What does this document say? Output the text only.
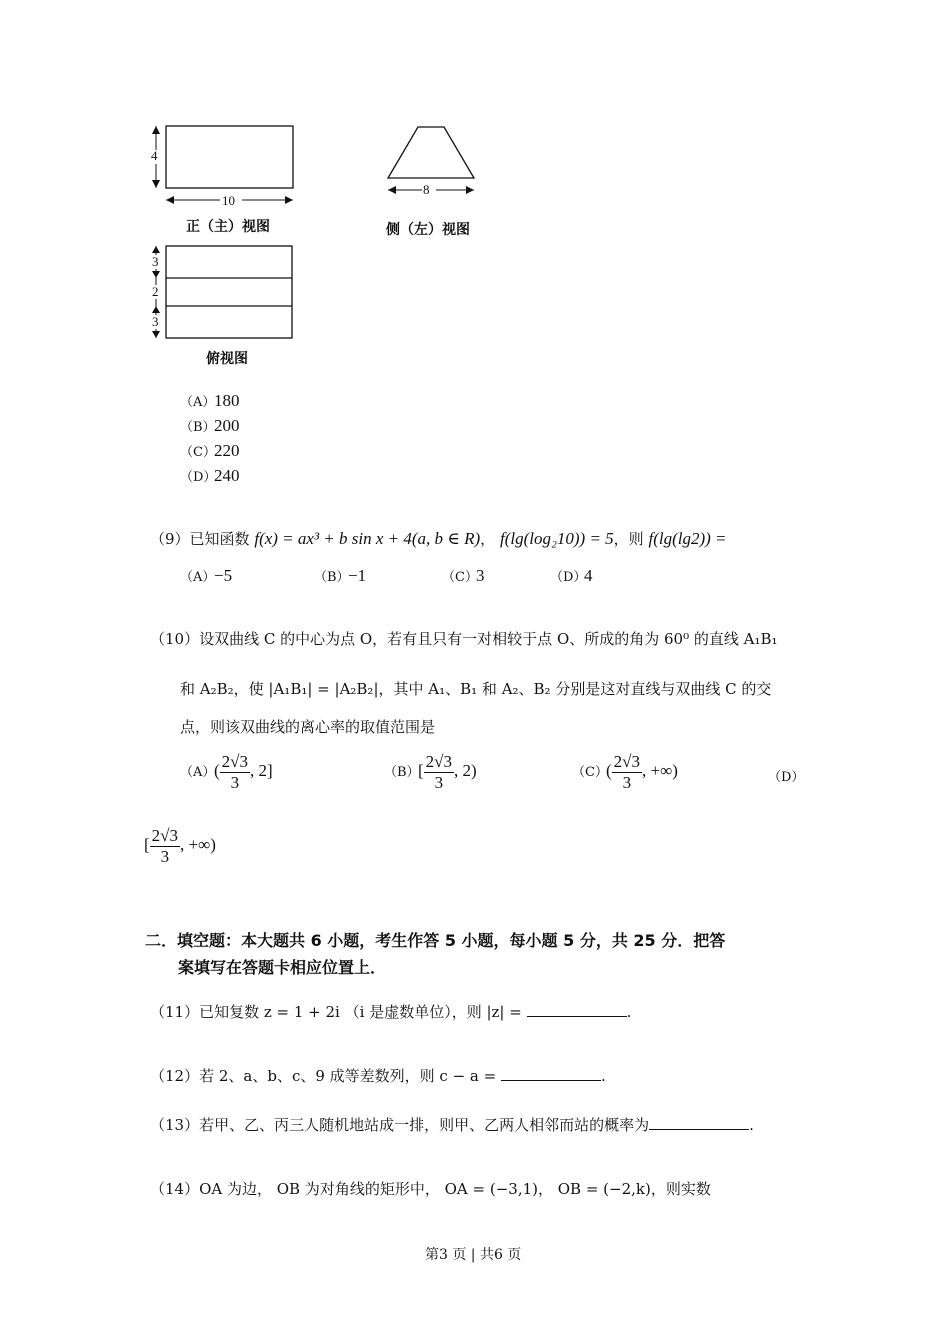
4
10
正（主）视图
8
侧（左）视图
3
2
3
俯视图
（A）180
（B）200
（C）220
（D）240
（9）已知函数 f(x) = ax³ + b sin x + 4(a, b ∈ R)， f(lg(log₂10)) = 5，则 f(lg(lg2)) =
（A）−5	（B）−1	（C）3	（D）4
（10）设双曲线 C 的中心为点 O，若有且只有一对相较于点 O、所成的角为 60⁰ 的直线 A₁B₁
和 A₂B₂，使 |A₁B₁| = |A₂B₂|，其中 A₁、B₁ 和 A₂、B₂ 分别是这对直线与双曲线 C 的交
点，则该双曲线的离心率的取值范围是
$(A)( \frac{2√3}{3}$ , 2]	$(B)[ \frac{2√3}{3}$ , 2)	$(C)( \frac{2√3}{3}$ , +∞)	（D）
[ $\frac{2√3}{3}$ , +∞)
二．填空题：本大题共 6 小题，考生作答 5 小题，每小题 5 分，共 25 分．把答
案填写在答题卡相应位置上．
（11）已知复数 z = 1 + 2i （i 是虚数单位），则 |z| =	.
（12）若 2、a、b、c、9 成等差数列，则 c − a =	.
（13）若甲、乙、丙三人随机地站成一排，则甲、乙两人相邻而站的概率为	.
（14）OA 为边， OB 为对角线的矩形中， OA = (−3,1)， OB = (−2,k)，则实数
第3 页 | 共6 页
